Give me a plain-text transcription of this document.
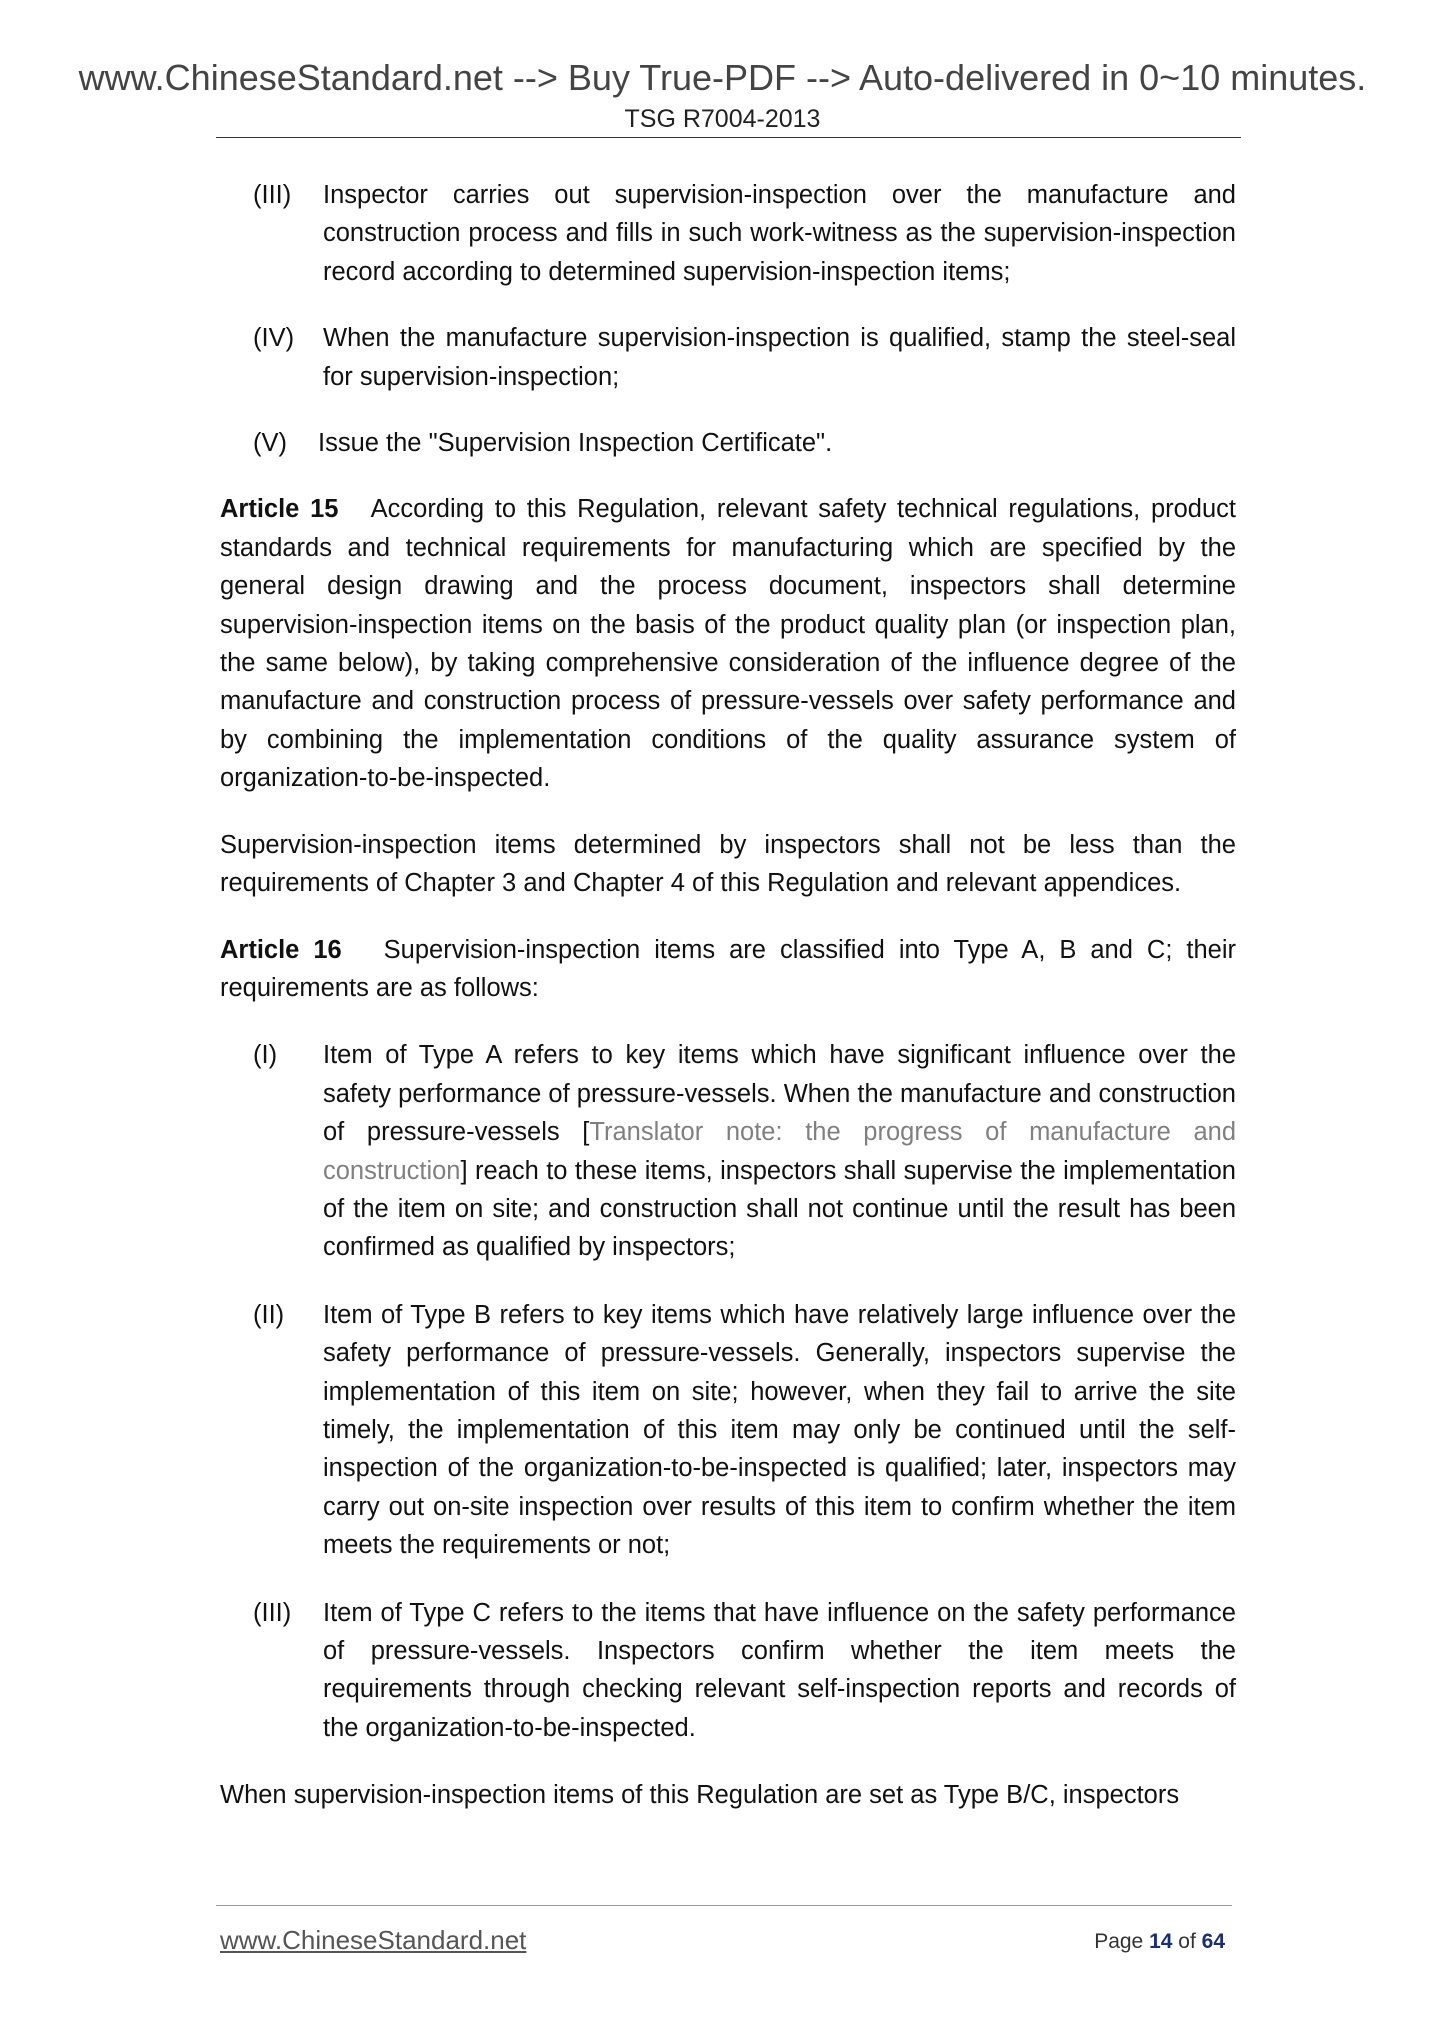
www.ChineseStandard.net --> Buy True-PDF --> Auto-delivered in 0~10 minutes.
TSG R7004-2013
(III)	Inspector carries out supervision-inspection over the manufacture and construction process and fills in such work-witness as the supervision-inspection record according to determined supervision-inspection items;
(IV)	When the manufacture supervision-inspection is qualified, stamp the steel-seal for supervision-inspection;
(V)	Issue the "Supervision Inspection Certificate".

Article 15 According to this Regulation, relevant safety technical regulations, product standards and technical requirements for manufacturing which are specified by the general design drawing and the process document, inspectors shall determine supervision-inspection items on the basis of the product quality plan (or inspection plan, the same below), by taking comprehensive consideration of the influence degree of the manufacture and construction process of pressure-vessels over safety performance and by combining the implementation conditions of the quality assurance system of organization-to-be-inspected.

Supervision-inspection items determined by inspectors shall not be less than the requirements of Chapter 3 and Chapter 4 of this Regulation and relevant appendices.

Article 16 Supervision-inspection items are classified into Type A, B and C; their requirements are as follows:

(I)	Item of Type A refers to key items which have significant influence over the safety performance of pressure-vessels. When the manufacture and construction of pressure-vessels [Translator note: the progress of manufacture and construction] reach to these items, inspectors shall supervise the implementation of the item on site; and construction shall not continue until the result has been confirmed as qualified by inspectors;
(II)	Item of Type B refers to key items which have relatively large influence over the safety performance of pressure-vessels. Generally, inspectors supervise the implementation of this item on site; however, when they fail to arrive the site timely, the implementation of this item may only be continued until the self-inspection of the organization-to-be-inspected is qualified; later, inspectors may carry out on-site inspection over results of this item to confirm whether the item meets the requirements or not;
(III)	Item of Type C refers to the items that have influence on the safety performance of pressure-vessels. Inspectors confirm whether the item meets the requirements through checking relevant self-inspection reports and records of the organization-to-be-inspected.

When supervision-inspection items of this Regulation are set as Type B/C, inspectors

www.ChineseStandard.net	Page 14 of 64
